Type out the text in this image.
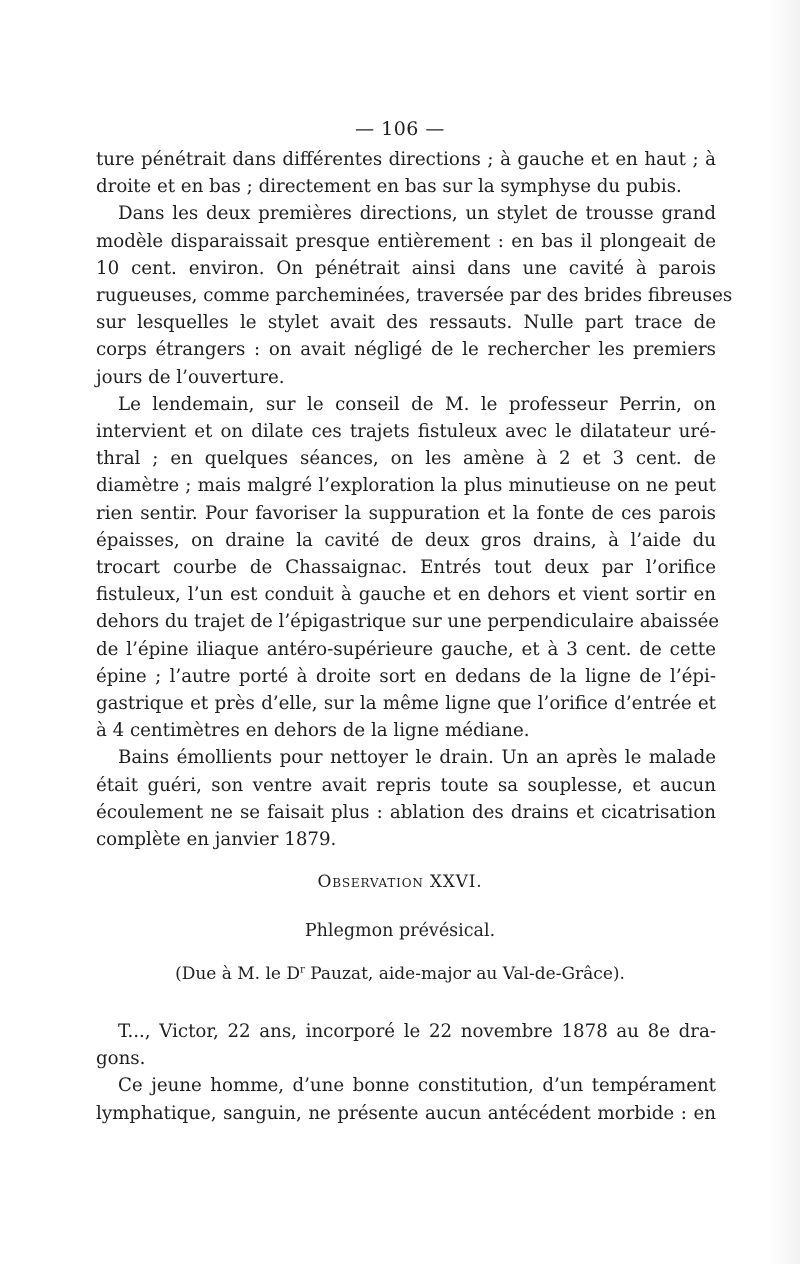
— 106 —
ture pénétrait dans différentes directions ; à gauche et en haut ; à
droite et en bas ; directement en bas sur la symphyse du pubis.
Dans les deux premières directions, un stylet de trousse grand
modèle disparaissait presque entièrement : en bas il plongeait de
10 cent. environ. On pénétrait ainsi dans une cavité à parois
rugueuses, comme parcheminées, traversée par des brides fibreuses
sur lesquelles le stylet avait des ressauts. Nulle part trace de
corps étrangers : on avait négligé de le rechercher les premiers
jours de l’ouverture.
Le lendemain, sur le conseil de M. le professeur Perrin, on
intervient et on dilate ces trajets fistuleux avec le dilatateur uré-
thral ; en quelques séances, on les amène à 2 et 3 cent. de
diamètre ; mais malgré l’exploration la plus minutieuse on ne peut
rien sentir. Pour favoriser la suppuration et la fonte de ces parois
épaisses, on draine la cavité de deux gros drains, à l’aide du
trocart courbe de Chassaignac. Entrés tout deux par l’orifice
fistuleux, l’un est conduit à gauche et en dehors et vient sortir en
dehors du trajet de l’épigastrique sur une perpendiculaire abaissée
de l’épine iliaque antéro-supérieure gauche, et à 3 cent. de cette
épine ; l’autre porté à droite sort en dedans de la ligne de l’épi-
gastrique et près d’elle, sur la même ligne que l’orifice d’entrée et
à 4 centimètres en dehors de la ligne médiane.
Bains émollients pour nettoyer le drain. Un an après le malade
était guéri, son ventre avait repris toute sa souplesse, et aucun
écoulement ne se faisait plus : ablation des drains et cicatrisation
complète en janvier 1879.
Observation XXVI.
Phlegmon prévésical.
(Due à M. le $D^r$ Pauzat, aide-major au Val-de-Grâce).
T..., Victor, 22 ans, incorporé le 22 novembre 1878 au 8e dra-
gons.
Ce jeune homme, d’une bonne constitution, d’un tempérament
lymphatique, sanguin, ne présente aucun antécédent morbide : en
